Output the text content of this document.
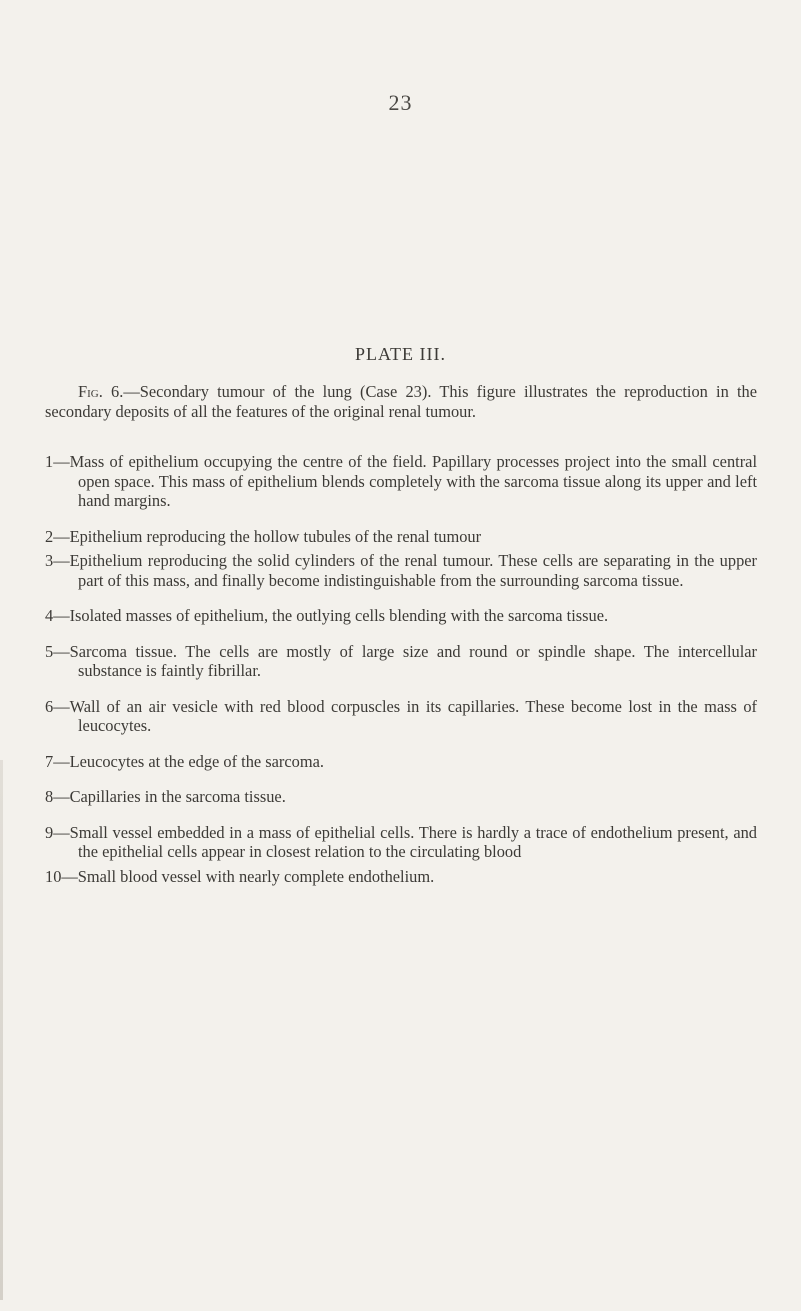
23
PLATE III.

Fig. 6.—Secondary tumour of the lung (Case 23). This figure illustrates the reproduction in the secondary deposits of all the features of the original renal tumour.

1—Mass of epithelium occupying the centre of the field. Papillary processes project into the small central open space. This mass of epithelium blends completely with the sarcoma tissue along its upper and left hand margins.
2—Epithelium reproducing the hollow tubules of the renal tumour
3—Epithelium reproducing the solid cylinders of the renal tumour. These cells are separating in the upper part of this mass, and finally become indistinguishable from the surrounding sarcoma tissue.
4—Isolated masses of epithelium, the outlying cells blending with the sarcoma tissue.
5—Sarcoma tissue. The cells are mostly of large size and round or spindle shape. The intercellular substance is faintly fibrillar.
6—Wall of an air vesicle with red blood corpuscles in its capillaries. These become lost in the mass of leucocytes.
7—Leucocytes at the edge of the sarcoma.
8—Capillaries in the sarcoma tissue.
9—Small vessel embedded in a mass of epithelial cells. There is hardly a trace of endothelium present, and the epithelial cells appear in closest relation to the circulating blood
10—Small blood vessel with nearly complete endothelium.
